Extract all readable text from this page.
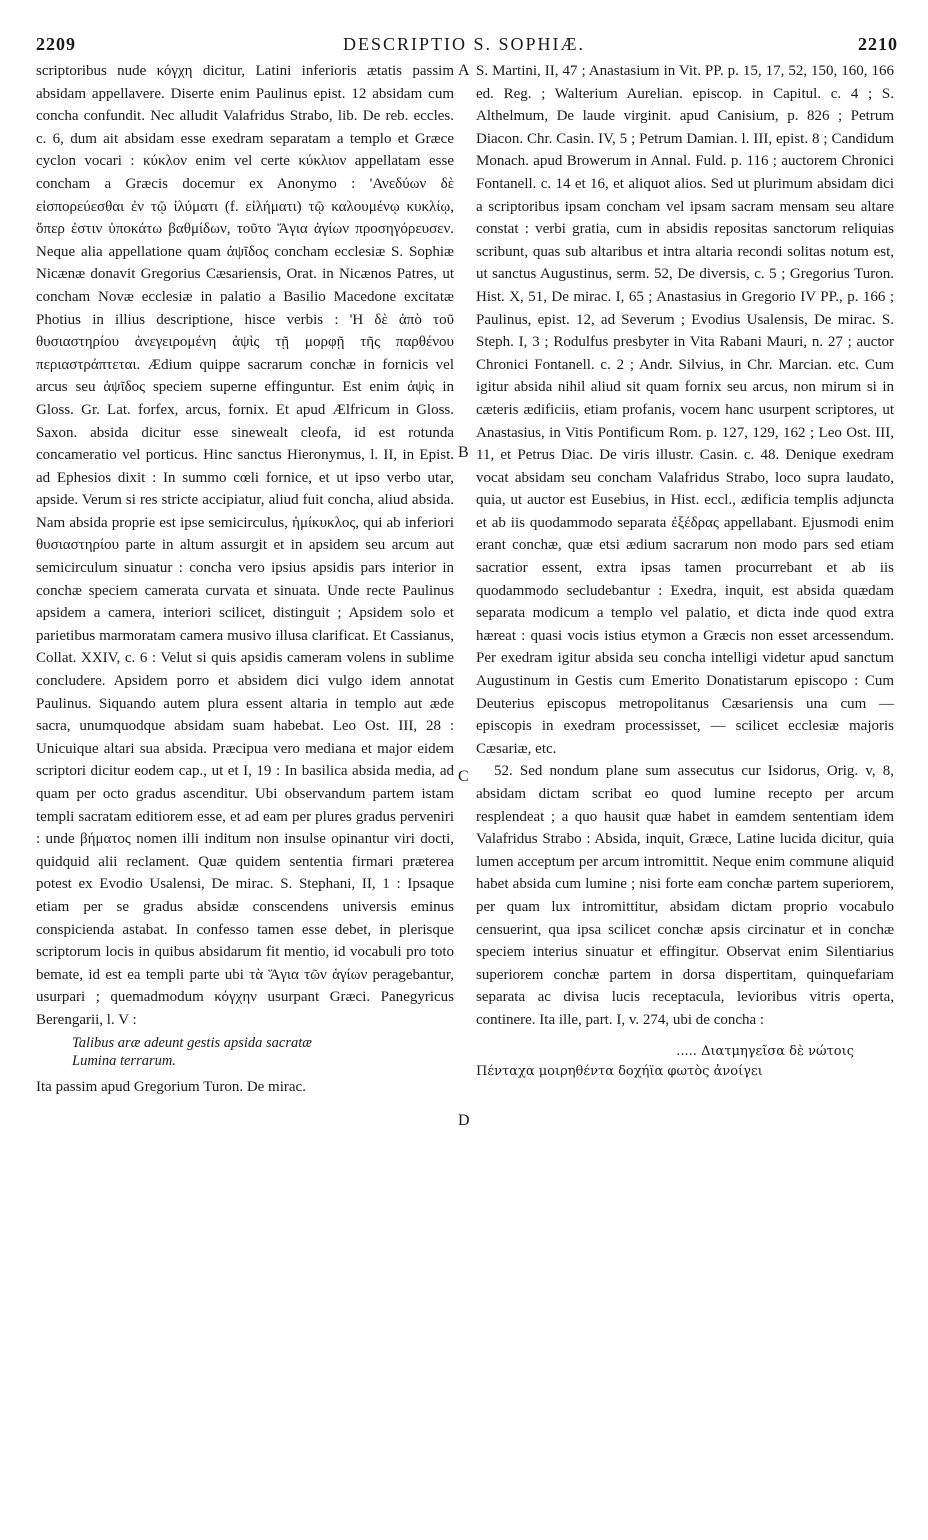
2209	DESCRIPTIO S. SOPHIÆ.	2210
A
B
C
D

scriptoribus nude κόγχη dicitur, Latini inferioris ætatis passim absidam appellavere. Diserte enim Paulinus epist. 12 absidam cum concha confundit. Nec alludit Valafridus Strabo, lib. De reb. eccles. c. 6, dum ait absidam esse exedram separatam a templo et Græce cyclon vocari : κύκλον enim vel certe κύκλιον appellatam esse concham a Græcis docemur ex Anonymo : 'Ανεδύων δὲ εἰσπορεύεσθαι ἐν τῷ ἰλύματι (f. εἰλήματι) τῷ καλουμένῳ κυκλίῳ, ὅπερ ἐστιν ὑποκάτω βαθμίδων, τοῦτο Ἅγια ἁγίων προσηγόρευσεν. Neque alia appellatione quam ἀψῖδος concham ecclesiæ S. Sophiæ Nicænæ donavit Gregorius Cæsariensis, Orat. in Nicænos Patres, ut concham Novæ ecclesiæ in palatio a Basilio Macedone excitatæ Photius in illius descriptione, hisce verbis : 'Η δὲ ἀπὸ τοῦ θυσιαστηρίου ἀνεγειρομένη ἀψὶς τῇ μορφῇ τῆς παρθένου περιαστράπτεται. Ædium quippe sacrarum conchæ in fornicis vel arcus seu ἀψῖδος speciem superne effinguntur. Est enim ἀψὶς in Gloss. Gr. Lat. forfex, arcus, fornix. Et apud Ælfricum in Gloss. Saxon. absida dicitur esse sinewealt cleofa, id est rotunda concameratio vel porticus. Hinc sanctus Hieronymus, l. II, in Epist. ad Ephesios dixit : In summo cœli fornice, et ut ipso verbo utar, apside. Verum si res stricte accipiatur, aliud fuit concha, aliud absida. Nam absida proprie est ipse semicirculus, ἡμίκυκλος, qui ab inferiori θυσιαστηρίου parte in altum assurgit et in apsidem seu arcum aut semicirculum sinuatur : concha vero ipsius apsidis pars interior in conchæ speciem camerata curvata et sinuata. Unde recte Paulinus apsidem a camera, interiori scilicet, distinguit ; Apsidem solo et parietibus marmoratam camera musivo illusa clarificat. Et Cassianus, Collat. XXIV, c. 6 : Velut si quis apsidis cameram volens in sublime concludere. Apsidem porro et absidem dici vulgo idem annotat Paulinus. Siquando autem plura essent altaria in templo aut æde sacra, unumquodque absidam suam habebat. Leo Ost. III, 28 : Unicuique altari sua absida. Præcipua vero mediana et major eidem scriptori dicitur eodem cap., ut et I, 19 : In basilica absida media, ad quam per octo gradus ascenditur. Ubi observandum partem istam templi sacratam editiorem esse, et ad eam per plures gradus perveniri : unde βήματος nomen illi inditum non insulse opinantur viri docti, quidquid alii reclament. Quæ quidem sententia firmari præterea potest ex Evodio Usalensi, De mirac. S. Stephani, II, 1 : Ipsaque etiam per se gradus absidæ conscendens universis eminus conspicienda astabat. In confesso tamen esse debet, in plerisque scriptorum locis in quibus absidarum fit mentio, id vocabuli pro toto bemate, id est ea templi parte ubi τὰ Ἅγια τῶν ἁγίων peragebantur, usurpari ; quemadmodum κόγχην usurpant Græci. Panegyricus Berengarii, l. V :

Talibus aræ adeunt gestis apsida sacratæ
Lumina terrarum.

Ita passim apud Gregorium Turon. De mirac.

S. Martini, II, 47 ; Anastasium in Vit. PP. p. 15, 17, 52, 150, 160, 166 ed. Reg. ; Walterium Aurelian. episcop. in Capitul. c. 4 ; S. Althelmum, De laude virginit. apud Canisium, p. 826 ; Petrum Diacon. Chr. Casin. IV, 5 ; Petrum Damian. l. III, epist. 8 ; Candidum Monach. apud Browerum in Annal. Fuld. p. 116 ; auctorem Chronici Fontanell. c. 14 et 16, et aliquot alios. Sed ut plurimum absidam dici a scriptoribus ipsam concham vel ipsam sacram mensam seu altare constat : verbi gratia, cum in absidis repositas sanctorum reliquias scribunt, quas sub altaribus et intra altaria recondi solitas notum est, ut sanctus Augustinus, serm. 52, De diversis, c. 5 ; Gregorius Turon. Hist. X, 51, De mirac. I, 65 ; Anastasius in Gregorio IV PP., p. 166 ; Paulinus, epist. 12, ad Severum ; Evodius Usalensis, De mirac. S. Steph. I, 3 ; Rodulfus presbyter in Vita Rabani Mauri, n. 27 ; auctor Chronici Fontanell. c. 2 ; Andr. Silvius, in Chr. Marcian. etc. Cum igitur absida nihil aliud sit quam fornix seu arcus, non mirum si in cæteris ædificiis, etiam profanis, vocem hanc usurpent scriptores, ut Anastasius, in Vitis Pontificum Rom. p. 127, 129, 162 ; Leo Ost. III, 11, et Petrus Diac. De viris illustr. Casin. c. 48. Denique exedram vocat absidam seu concham Valafridus Strabo, loco supra laudato, quia, ut auctor est Eusebius, in Hist. eccl., ædificia templis adjuncta et ab iis quodammodo separata ἐξέδρας appellabant. Ejusmodi enim erant conchæ, quæ etsi ædium sacrarum non modo pars sed etiam sacratior essent, extra ipsas tamen procurrebant et ab iis quodammodo secludebantur : Exedra, inquit, est absida quædam separata modicum a templo vel palatio, et dicta inde quod extra hæreat : quasi vocis istius etymon a Græcis non esset arcessendum. Per exedram igitur absida seu concha intelligi videtur apud sanctum Augustinum in Gestis cum Emerito Donatistarum episcopo : Cum Deuterius episcopus metropolitanus Cæsariensis una cum — episcopis in exedram processisset, — scilicet ecclesiæ majoris Cæsariæ, etc.

52. Sed nondum plane sum assecutus cur Isidorus, Orig. v, 8, absidam dictam scribat eo quod lumine recepto per arcum resplendeat ; a quo hausit quæ habet in eamdem sententiam idem Valafridus Strabo : Absida, inquit, Græce, Latine lucida dicitur, quia lumen acceptum per arcum intromittit. Neque enim commune aliquid habet absida cum lumine ; nisi forte eam conchæ partem superiorem, per quam lux intromittitur, absidam dictam proprio vocabulo censuerint, qua ipsa scilicet conchæ apsis circinatur et in conchæ speciem interius sinuatur et effingitur. Observat enim Silentiarius superiorem conchæ partem in dorsa dispertitam, quinquefariam separata ac divisa lucis receptacula, levioribus vitris operta, continere. Ita ille, part. I, v. 274, ubi de concha :

..... Διατμηγεῖσα δὲ νώτοις
Πένταχα μοιρηθέντα δοχήϊα φωτὸς ἀνοίγει
